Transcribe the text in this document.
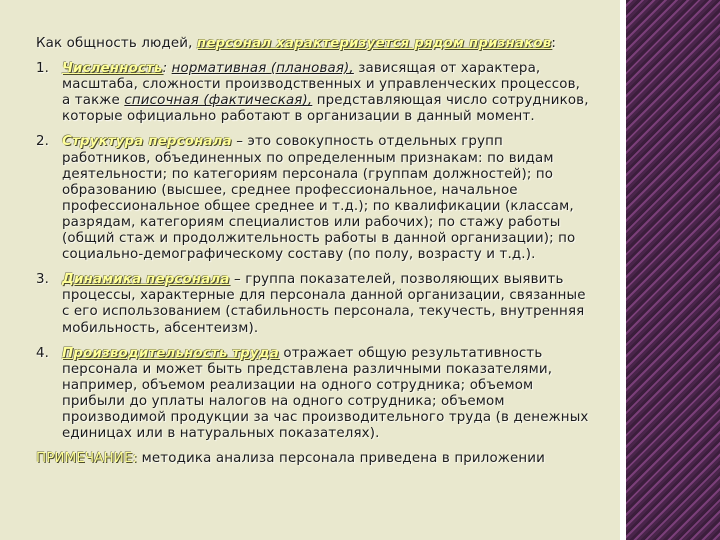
Как общность людей, персонал характеризуется рядом признаков:

1. Численность: нормативная (плановая), зависящая от характера, масштаба, сложности производственных и управленческих процессов, а также списочная (фактическая), представляющая число сотрудников, которые официально работают в организации в данный момент.

2. Структура персонала – это совокупность отдельных групп работников, объединенных по определенным признакам: по видам деятельности; по категориям персонала (группам должностей); по образованию (высшее, среднее профессиональное, начальное профессиональное общее среднее и т.д.); по квалификации (классам, разрядам, категориям специалистов или рабочих); по стажу работы (общий стаж и продолжительность работы в данной организации); по социально-демографическому составу (по полу, возрасту и т.д.).

3. Динамика персонала – группа показателей, позволяющих выявить процессы, характерные для персонала данной организации, связанные с его использованием (стабильность персонала, текучесть, внутренняя мобильность, абсентеизм).

4. Производительность труда отражает общую результативность персонала и может быть представлена различными показателями, например, объемом реализации на одного сотрудника; объемом прибыли до уплаты налогов на одного сотрудника; объемом производимой продукции за час производительного труда (в денежных единицах или в натуральных показателях).

ПРИМЕЧАНИЕ: методика анализа персонала приведена в приложении
